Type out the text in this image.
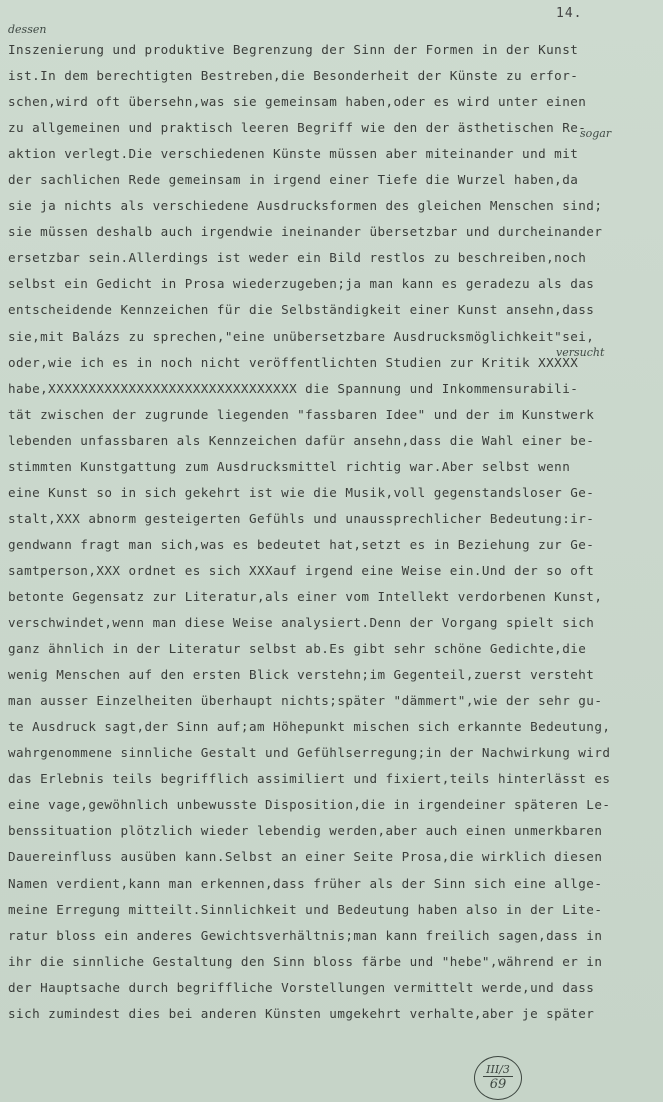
14.
dessen
sogar
versucht
Inszenierung und produktive Begrenzung der Sinn der Formen in der Kunst
ist.In dem berechtigten Bestreben,die Besonderheit der Künste zu erfor-
schen,wird oft übersehn,was sie gemeinsam haben,oder es wird unter einen
zu allgemeinen und praktisch leeren Begriff wie den der ästhetischen Re-
aktion verlegt.Die verschiedenen Künste müssen aber miteinander und mit
der sachlichen Rede gemeinsam in irgend einer Tiefe die Wurzel haben,da
sie ja nichts als verschiedene Ausdrucksformen des gleichen Menschen sind;
sie müssen deshalb auch irgendwie ineinander übersetzbar und durcheinander
ersetzbar sein.Allerdings ist weder ein Bild restlos zu beschreiben,noch
selbst ein Gedicht in Prosa wiederzugeben;ja man kann es geradezu als das
entscheidende Kennzeichen für die Selbständigkeit einer Kunst ansehn,dass
sie,mit Balázs zu sprechen,"eine unübersetzbare Ausdrucksmöglichkeit"sei,
oder,wie ich es in noch nicht veröffentlichten Studien zur Kritik XXXXX
habe,XXXXXXXXXXXXXXXXXXXXXXXXXXXXXXX die Spannung und Inkommensurabili-
tät zwischen der zugrunde liegenden "fassbaren Idee" und der im Kunstwerk
lebenden unfassbaren als Kennzeichen dafür ansehn,dass die Wahl einer be-
stimmten Kunstgattung zum Ausdrucksmittel richtig war.Aber selbst wenn
eine Kunst so in sich gekehrt ist wie die Musik,voll gegenstandsloser Ge-
stalt,XXX abnorm gesteigerten Gefühls und unaussprechlicher Bedeutung:ir-
gendwann fragt man sich,was es bedeutet hat,setzt es in Beziehung zur Ge-
samtperson,XXX ordnet es sich XXXauf irgend eine Weise ein.Und der so oft
betonte Gegensatz zur Literatur,als einer vom Intellekt verdorbenen Kunst,
verschwindet,wenn man diese Weise analysiert.Denn der Vorgang spielt sich
ganz ähnlich in der Literatur selbst ab.Es gibt sehr schöne Gedichte,die
wenig Menschen auf den ersten Blick verstehn;im Gegenteil,zuerst versteht
man ausser Einzelheiten überhaupt nichts;später "dämmert",wie der sehr gu-
te Ausdruck sagt,der Sinn auf;am Höhepunkt mischen sich erkannte Bedeutung,
wahrgenommene sinnliche Gestalt und Gefühlserregung;in der Nachwirkung wird
das Erlebnis teils begrifflich assimiliert und fixiert,teils hinterlässt es
eine vage,gewöhnlich unbewusste Disposition,die in irgendeiner späteren Le-
benssituation plötzlich wieder lebendig werden,aber auch einen unmerkbaren
Dauereinfluss ausüben kann.Selbst an einer Seite Prosa,die wirklich diesen
Namen verdient,kann man erkennen,dass früher als der Sinn sich eine allge-
meine Erregung mitteilt.Sinnlichkeit und Bedeutung haben also in der Lite-
ratur bloss ein anderes Gewichtsverhältnis;man kann freilich sagen,dass in
ihr die sinnliche Gestaltung den Sinn bloss färbe und "hebe",während er in
der Hauptsache durch begriffliche Vorstellungen vermittelt werde,und dass
sich zumindest dies bei anderen Künsten umgekehrt verhalte,aber je später
III/3
69
